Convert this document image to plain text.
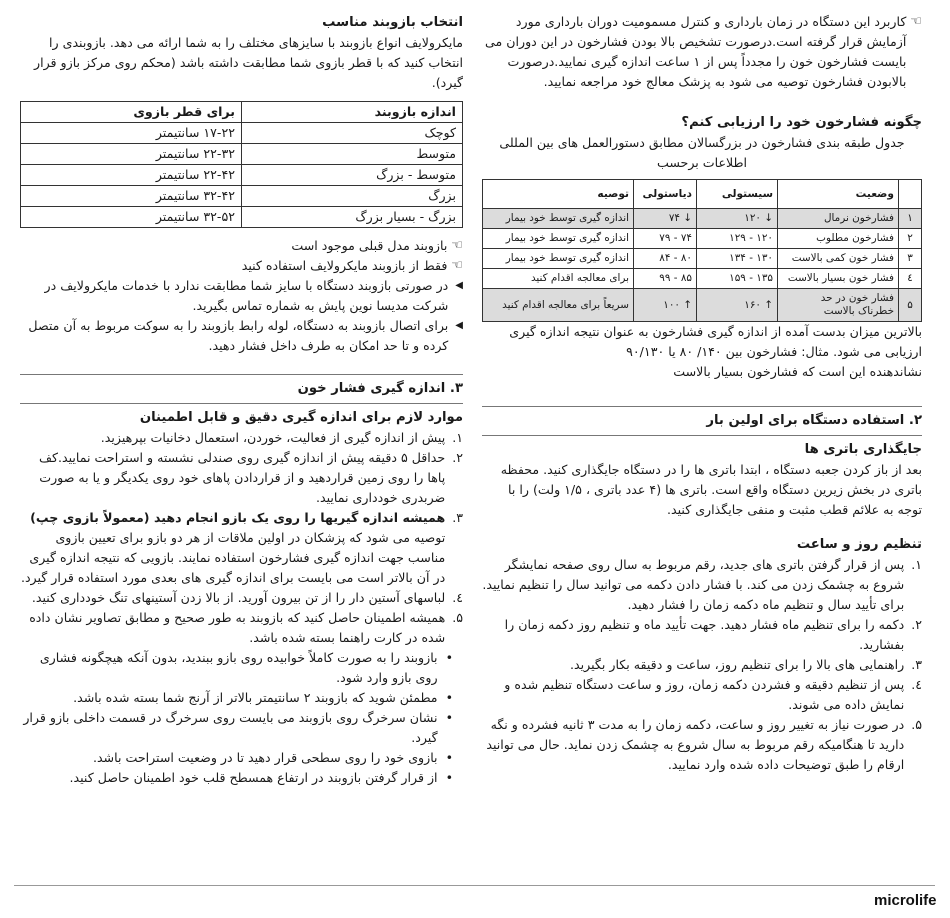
☜

کاربرد این دستگاه در زمان بارداری و کنترل مسمومیت دوران بارداری مورد آزمایش قرار گرفته است.درصورت تشخیص بالا بودن فشارخون در این دوران می بایست فشارخون خون را مجدداً پس از ۱ ساعت اندازه گیری نمایید.درصورت بالابودن فشارخون توصیه می شود به پزشک معالج خود مراجعه نمایید.

چگونه فشارخون خود را ارزیابی کنم؟

جدول طبقه بندی فشارخون در بزرگسالان مطابق دستورالعمل های بین المللی اطلاعات برحسب

	وضعیت	سیستولی	دیاستولی	توصیه
۱	فشارخون نرمال	↓ ۱۲۰	↓ ۷۴	اندازه گیری توسط خود بیمار
۲	فشارخون مطلوب	۱۲۰ - ۱۲۹	۷۴ - ۷۹	اندازه گیری توسط خود بیمار
۳	فشار خون کمی بالاست	۱۳۰ - ۱۳۴	۸۰ - ۸۴	اندازه گیری توسط خود بیمار
٤	فشار خون بسیار بالاست	۱۳۵ - ۱۵۹	۸۵ - ۹۹	برای معالجه اقدام کنید
۵	فشار خون در حد خطرناک بالاست	↑ ۱۶۰	↑ ۱۰۰	سریعاً برای معالجه اقدام کنید

بالاترین میزان بدست آمده از اندازه گیری فشارخون به عنوان نتیجه اندازه گیری ارزیابی می شود. مثال: فشارخون بین ۱۴۰/ ۸۰ یا ۹۰/۱۳۰

نشاندهنده این است که فشارخون بسیار بالاست

۲. استفاده دستگاه برای اولین بار
جایگذاری باتری ها

بعد از باز کردن جعبه دستگاه ، ابتدا باتری ها را در دستگاه جایگذاری کنید. محفظه باتری در بخش زیرین دستگاه واقع است. باتری ها (۴ عدد باتری ، ۱/۵ ولت) را با توجه به علائم قطب مثبت و منفی جایگذاری کنید.

تنظیم روز و ساعت
۱.

پس از قرار گرفتن باتری های جدید، رقم مربوط به سال روی صفحه نمایشگر شروع به چشمک زدن می کند. با فشار دادن دکمه می توانید سال را تنظیم نمایید. برای تأیید سال و تنظیم ماه دکمه زمان را فشار دهید.

۲.

دکمه را برای تنظیم ماه فشار دهید. جهت تأیید ماه و تنظیم روز دکمه زمان را بفشارید.

۳.

راهنمایی های بالا را برای تنظیم روز، ساعت و دقیقه بکار بگیرید.

٤.

پس از تنظیم دقیقه و فشردن دکمه زمان، روز و ساعت دستگاه تنظیم شده و نمایش داده می شوند.

۵.

در صورت نیاز به تغییر روز و ساعت، دکمه زمان را به مدت ۳ ثانیه فشرده و نگه دارید تا هنگامیکه رقم مربوط به سال شروع به چشمک زدن نماید. حال می توانید ارقام را طبق توضیحات داده شده وارد نمایید.

انتخاب بازوبند مناسب

مایکرولایف انواع بازوبند با سایزهای مختلف را به شما ارائه می دهد. بازوبندی را انتخاب کنید که با قطر بازوی شما مطابقت داشته باشد (محکم روی مرکز بازو قرار گیرد).

اندازه بازوبند	برای قطر بازوی
کوچک	۱۷-۲۲ سانتیمتر
متوسط	۲۲-۳۲ سانتیمتر
متوسط - بزرگ	۲۲-۴۲ سانتیمتر
بزرگ	۳۲-۴۲ سانتیمتر
بزرگ - بسیار بزرگ	۳۲-۵۲ سانتیمتر
☜

بازوبند مدل قبلی موجود است

☜

فقط از بازوبند مایکرولایف استفاده کنید

◀

در صورتی بازوبند دستگاه با سایز شما مطابقت ندارد با خدمات مایکرولایف در شرکت مدیسا نوین پایش به شماره تماس بگیرید.

◀

برای اتصال بازوبند به دستگاه، لوله رابط بازوبند را به سوکت مربوط به آن متصل کرده و تا حد امکان به طرف داخل فشار دهید.

۳. اندازه گیری فشار خون
موارد لازم برای اندازه گیری دقیق و قابل اطمینان
۱.

پیش از اندازه گیری از فعالیت، خوردن، استعمال دخانیات بپرهیزید.

۲.

حداقل ۵ دقیقه پیش از اندازه گیری روی صندلی نشسته و استراحت نمایید.کف پاها را روی زمین قراردهید و از قراردادن پاهای خود روی یکدیگر و یا به صورت ضربدری خودداری نمایید.

۳.

همیشه اندازه گیریها را روی یک بازو انجام دهید (معمولاً بازوی چپ)

توصیه می شود که پزشکان در اولین ملاقات از هر دو بازو برای تعیین بازوی مناسب جهت اندازه گیری فشارخون استفاده نمایند. بازویی که نتیجه اندازه گیری در آن بالاتر است می بایست برای اندازه گیری های بعدی مورد استفاده قرار گیرد.

٤.

لباسهای آستین دار را از تن بیرون آورید. از بالا زدن آستینهای تنگ خودداری کنید.

۵.

همیشه اطمینان حاصل کنید که بازوبند به طور صحیح و مطابق تصاویر نشان داده شده در کارت راهنما بسته شده باشد.

•

بازوبند را به صورت کاملاً خوابیده روی بازو ببندید، بدون آنکه هیچگونه فشاری روی بازو وارد شود.

•

مطمئن شوید که بازوبند ۲ سانتیمتر بالاتر از آرنج شما بسته شده باشد.

•

نشان سرخرگ روی بازوبند می بایست روی سرخرگ در قسمت داخلی بازو قرار گیرد.

•

بازوی خود را روی سطحی قرار دهید تا در وضعیت استراحت باشد.

•

از قرار گرفتن بازوبند در ارتفاع همسطح قلب خود اطمینان حاصل کنید.

microlife
